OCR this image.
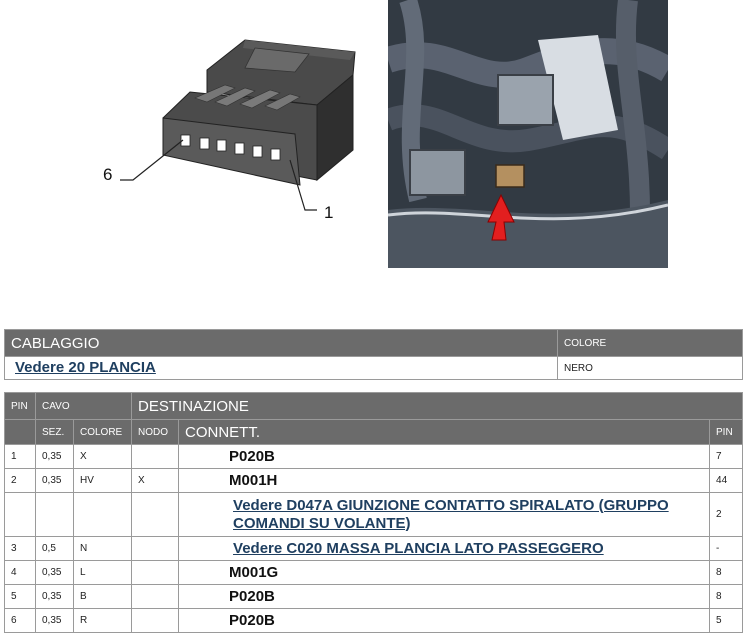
6
1
CABLAGGIO	COLORE
Vedere 20 PLANCIA	NERO
PIN	CAVO		DESTINAZIONE		
	SEZ.	COLORE	NODO	CONNETT.	PIN
1	0,35	X		P020B	7
2	0,35	HV	X	M001H	44
				Vedere D047A GIUNZIONE CONTATTO SPIRALATO (GRUPPO COMANDI SU VOLANTE)	2
3	0,5	N		Vedere C020 MASSA PLANCIA LATO PASSEGGERO	-
4	0,35	L		M001G	8
5	0,35	B		P020B	8
6	0,35	R		P020B	5
